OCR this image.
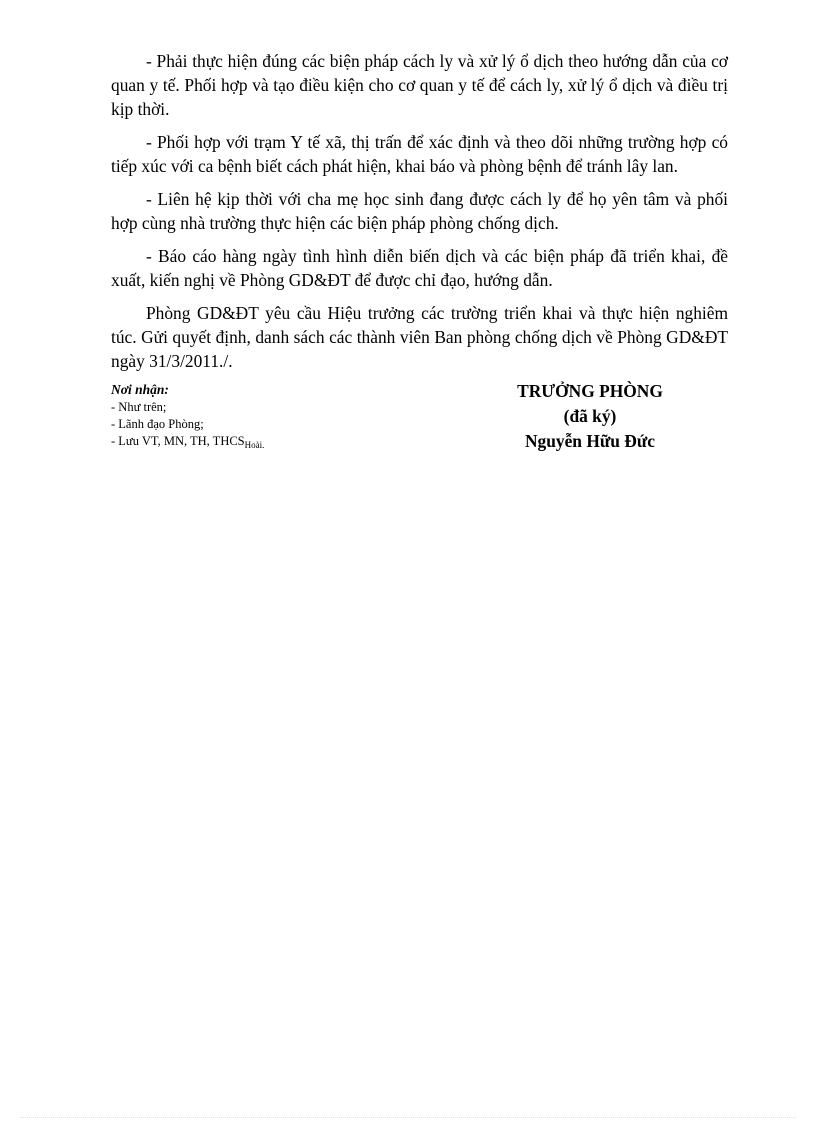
- Phải thực hiện đúng các biện pháp cách ly và xử lý ổ dịch theo hướng dẫn của cơ quan y tế. Phối hợp và tạo điều kiện cho cơ quan y tế để cách ly, xử lý ổ dịch và điều trị kịp thời.

- Phối hợp với trạm Y tế xã, thị trấn để xác định và theo dõi những trường hợp có tiếp xúc với ca bệnh biết cách phát hiện, khai báo và phòng bệnh để tránh lây lan.

- Liên hệ kịp thời với cha mẹ học sinh đang được cách ly để họ yên tâm và phối hợp cùng nhà trường thực hiện các biện pháp phòng chống dịch.

- Báo cáo hàng ngày tình hình diễn biến dịch và các biện pháp đã triển khai, đề xuất, kiến nghị về Phòng GD&ĐT để được chỉ đạo, hướng dẫn.

Phòng GD&ĐT yêu cầu Hiệu trưởng các trường triển khai và thực hiện nghiêm túc. Gửi quyết định, danh sách các thành viên Ban phòng chống dịch về Phòng GD&ĐT ngày 31/3/2011./.

Nơi nhận:

- Như trên;

- Lãnh đạo Phòng;

- Lưu VT, MN, TH, $THCS_{Hoài.}$

TRƯỞNG PHÒNG

(đã ký)

Nguyễn Hữu Đức
